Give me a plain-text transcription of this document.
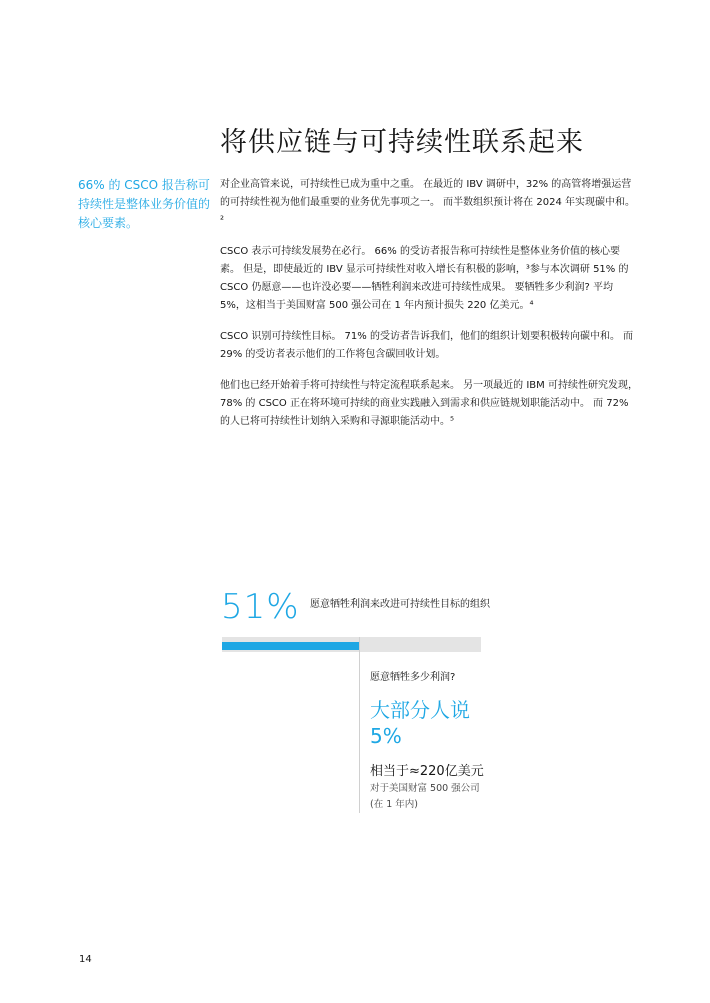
将供应链与可持续性联系起来

66% 的 CSCO 报告称可持续性是整体业务价值的核心要素。

对企业高管来说，可持续性已成为重中之重。 在最近的 IBV 调研中，32% 的高管将增强运营的可持续性视为他们最重要的业务优先事项之一。 而半数组织预计将在 2024 年实现碳中和。²

CSCO 表示可持续发展势在必行。 66% 的受访者报告称可持续性是整体业务价值的核心要素。 但是，即使最近的 IBV 显示可持续性对收入增长有积极的影响，³参与本次调研 51% 的 CSCO 仍愿意——也许没必要——牺牲利润来改进可持续性成果。 要牺牲多少利润? 平均 5%，这相当于美国财富 500 强公司在 1 年内预计损失 220 亿美元。⁴

CSCO 识别可持续性目标。 71% 的受访者告诉我们，他们的组织计划要积极转向碳中和。 而 29% 的受访者表示他们的工作将包含碳回收计划。

他们也已经开始着手将可持续性与特定流程联系起来。 另一项最近的 IBM 可持续性研究发现，78% 的 CSCO 正在将环境可持续的商业实践融入到需求和供应链规划职能活动中。 而 72% 的人已将可持续性计划纳入采购和寻源职能活动中。⁵

51% 愿意牺牲利润来改进可持续性目标的组织
愿意牺牲多少利润?
大部分人说
5%
相当于≈220亿美元
对于美国财富 500 强公司
(在 1 年内)
14
